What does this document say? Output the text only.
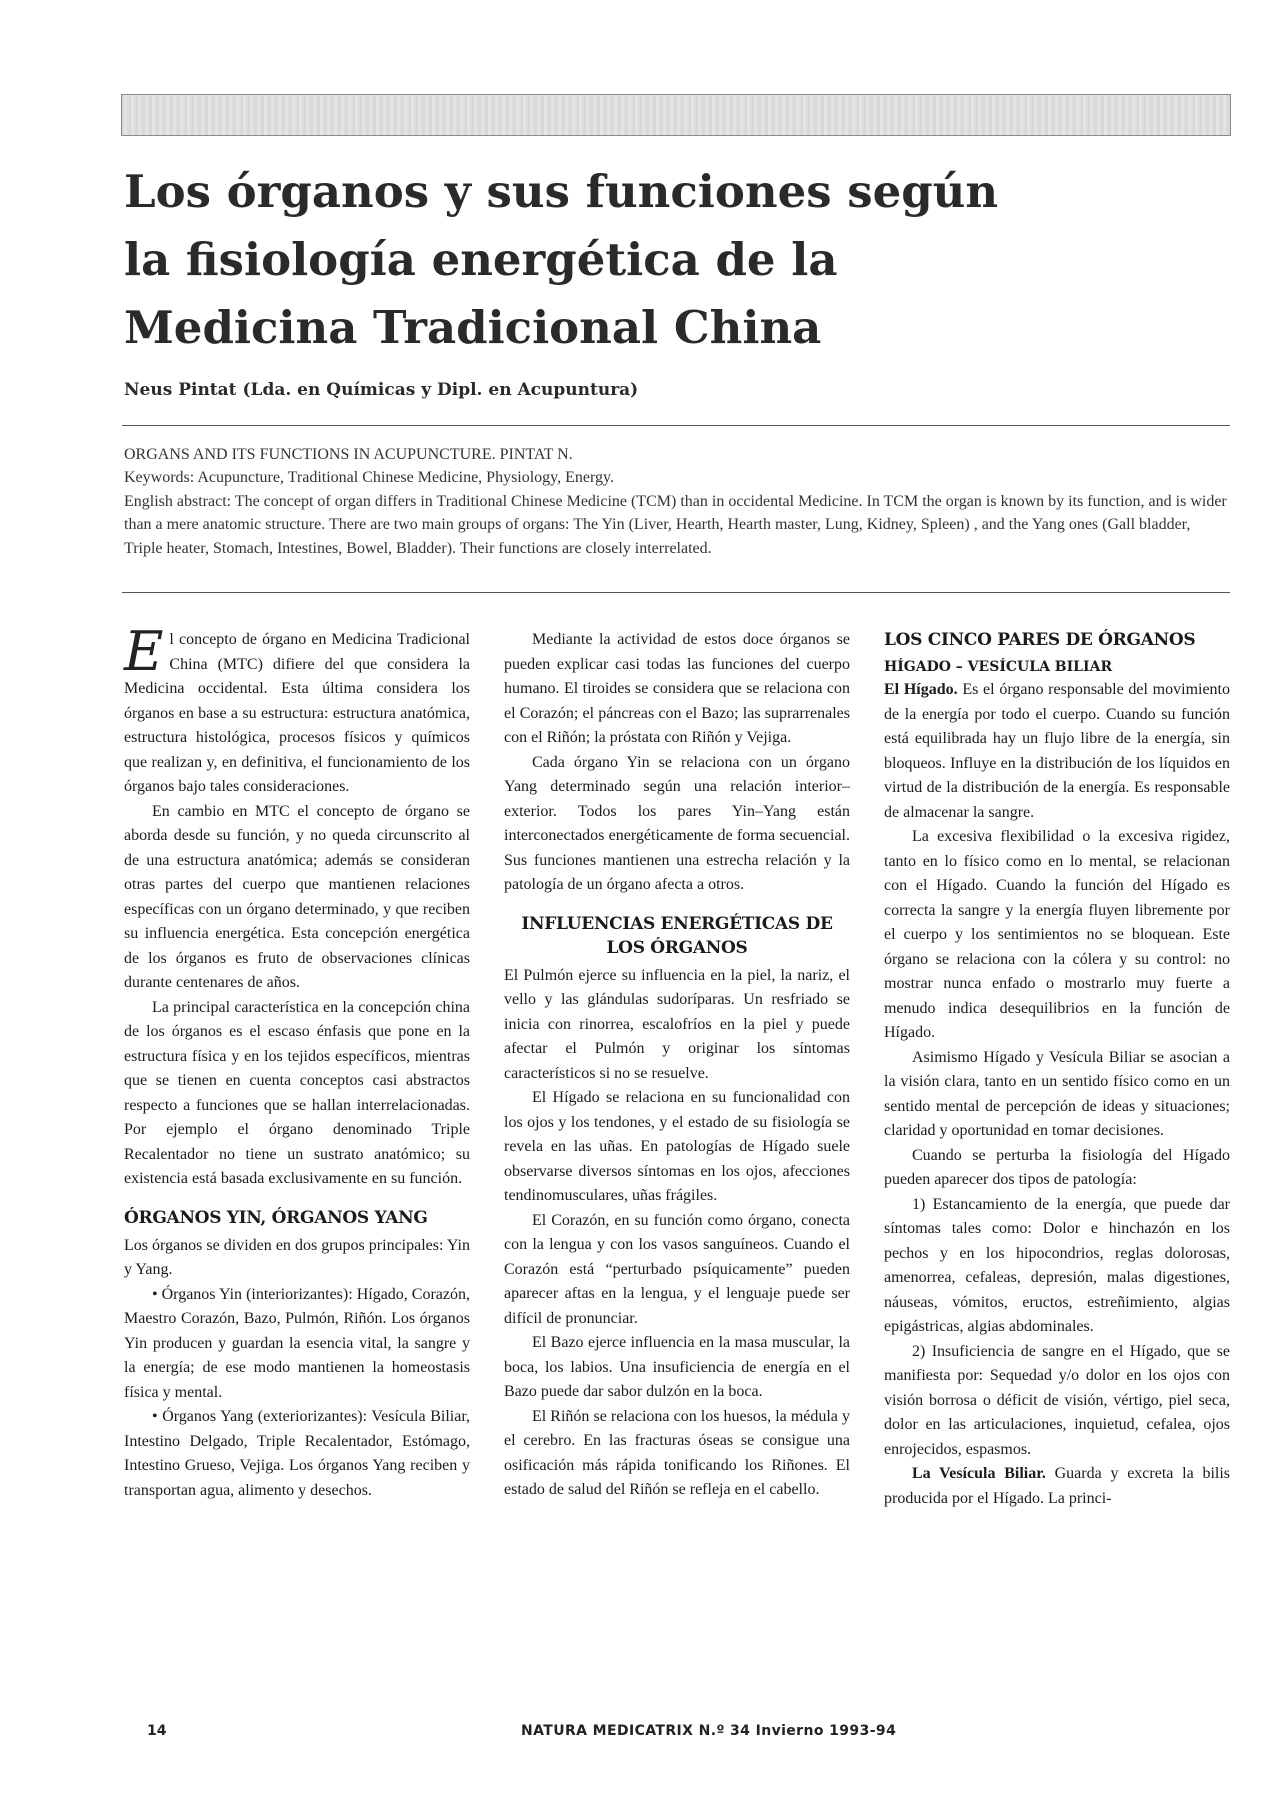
Los órganos y sus funciones según
la fisiología energética de la
Medicina Tradicional China
Neus Pintat (Lda. en Químicas y Dipl. en Acupuntura)

ORGANS AND ITS FUNCTIONS IN ACUPUNCTURE. PINTAT N.

Keywords: Acupuncture, Traditional Chinese Medicine, Physiology, Energy.

English abstract: The concept of organ differs in Traditional Chinese Medicine (TCM) than in occidental Medicine. In TCM the organ is known by its function, and is wider than a mere anatomic structure. There are two main groups of organs: The Yin (Liver, Hearth, Hearth master, Lung, Kidney, Spleen) , and the Yang ones (Gall bladder, Triple heater, Stomach, Intestines, Bowel, Bladder). Their functions are closely interrelated.

El concepto de órgano en Medicina Tradicional China (MTC) difiere del que considera la Medicina occidental. Esta última considera los órganos en base a su estructura: estructura anatómica, estructura histológica, procesos físicos y químicos que realizan y, en definitiva, el funcionamiento de los órganos bajo tales consideraciones.

En cambio en MTC el concepto de órgano se aborda desde su función, y no queda circunscrito al de una estructura anatómica; además se consideran otras partes del cuerpo que mantienen relaciones específicas con un órgano determinado, y que reciben su influencia energética. Esta concepción energética de los órganos es fruto de observaciones clínicas durante centenares de años.

La principal característica en la concepción china de los órganos es el escaso énfasis que pone en la estructura física y en los tejidos específicos, mientras que se tienen en cuenta conceptos casi abstractos respecto a funciones que se hallan interrelacionadas. Por ejemplo el órgano denominado Triple Recalentador no tiene un sustrato anatómico; su existencia está basada exclusivamente en su función.

ÓRGANOS YIN, ÓRGANOS YANG

Los órganos se dividen en dos grupos principales: Yin y Yang.

• Órganos Yin (interiorizantes): Hígado, Corazón, Maestro Corazón, Bazo, Pulmón, Riñón. Los órganos Yin producen y guardan la esencia vital, la sangre y la energía; de ese modo mantienen la homeostasis física y mental.

• Órganos Yang (exteriorizantes): Vesícula Biliar, Intestino Delgado, Triple Recalentador, Estómago, Intestino Grueso, Vejiga. Los órganos Yang reciben y transportan agua, alimento y desechos.

Mediante la actividad de estos doce órganos se pueden explicar casi todas las funciones del cuerpo humano. El tiroides se considera que se relaciona con el Corazón; el páncreas con el Bazo; las suprarrenales con el Riñón; la próstata con Riñón y Vejiga.

Cada órgano Yin se relaciona con un órgano Yang determinado según una relación interior–exterior. Todos los pares Yin–Yang están interconectados energéticamente de forma secuencial. Sus funciones mantienen una estrecha relación y la patología de un órgano afecta a otros.

INFLUENCIAS ENERGÉTICAS DE LOS ÓRGANOS

El Pulmón ejerce su influencia en la piel, la nariz, el vello y las glándulas sudoríparas. Un resfriado se inicia con rinorrea, escalofríos en la piel y puede afectar el Pulmón y originar los síntomas característicos si no se resuelve.

El Hígado se relaciona en su funcionalidad con los ojos y los tendones, y el estado de su fisiología se revela en las uñas. En patologías de Hígado suele observarse diversos síntomas en los ojos, afecciones tendinomusculares, uñas frágiles.

El Corazón, en su función como órgano, conecta con la lengua y con los vasos sanguíneos. Cuando el Corazón está “perturbado psíquicamente” pueden aparecer aftas en la lengua, y el lenguaje puede ser difícil de pronunciar.

El Bazo ejerce influencia en la masa muscular, la boca, los labios. Una insuficiencia de energía en el Bazo puede dar sabor dulzón en la boca.

El Riñón se relaciona con los huesos, la médula y el cerebro. En las fracturas óseas se consigue una osificación más rápida tonificando los Riñones. El estado de salud del Riñón se refleja en el cabello.

LOS CINCO PARES DE ÓRGANOS
HÍGADO – VESÍCULA BILIAR

El Hígado. Es el órgano responsable del movimiento de la energía por todo el cuerpo. Cuando su función está equilibrada hay un flujo libre de la energía, sin bloqueos. Influye en la distribución de los líquidos en virtud de la distribución de la energía. Es responsable de almacenar la sangre.

La excesiva flexibilidad o la excesiva rigidez, tanto en lo físico como en lo mental, se relacionan con el Hígado. Cuando la función del Hígado es correcta la sangre y la energía fluyen libremente por el cuerpo y los sentimientos no se bloquean. Este órgano se relaciona con la cólera y su control: no mostrar nunca enfado o mostrarlo muy fuerte a menudo indica desequilibrios en la función de Hígado.

Asimismo Hígado y Vesícula Biliar se asocian a la visión clara, tanto en un sentido físico como en un sentido mental de percepción de ideas y situaciones; claridad y oportunidad en tomar decisiones.

Cuando se perturba la fisiología del Hígado pueden aparecer dos tipos de patología:

1) Estancamiento de la energía, que puede dar síntomas tales como: Dolor e hinchazón en los pechos y en los hipocondrios, reglas dolorosas, amenorrea, cefaleas, depresión, malas digestiones, náuseas, vómitos, eructos, estreñimiento, algias epigástricas, algias abdominales.

2) Insuficiencia de sangre en el Hígado, que se manifiesta por: Sequedad y/o dolor en los ojos con visión borrosa o déficit de visión, vértigo, piel seca, dolor en las articulaciones, inquietud, cefalea, ojos enrojecidos, espasmos.

La Vesícula Biliar. Guarda y excreta la bilis producida por el Hígado. La princi-

14	NATURA MEDICATRIX N.º 34 Invierno 1993-94
